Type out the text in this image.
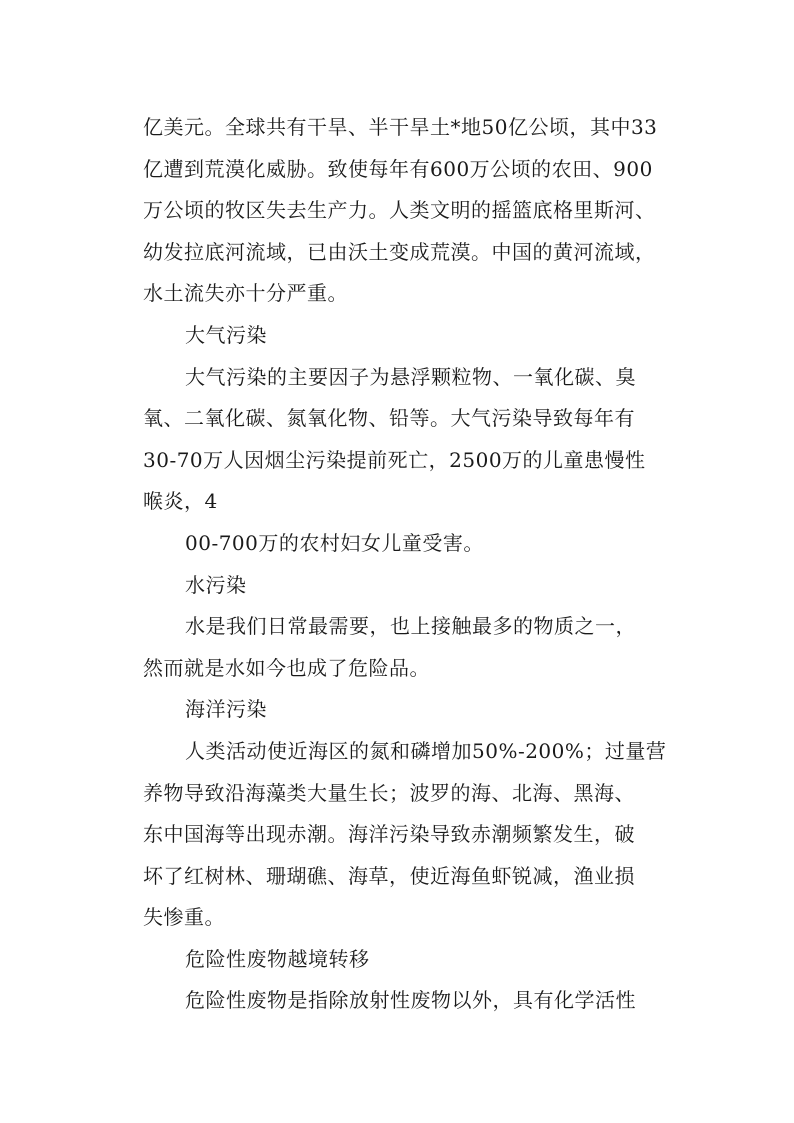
亿美元。全球共有干旱、半干旱土*地50亿公顷，其中33
亿遭到荒漠化威胁。致使每年有600万公顷的农田、900
万公顷的牧区失去生产力。人类文明的摇篮底格里斯河、
幼发拉底河流域，已由沃土变成荒漠。中国的黄河流域，
水土流失亦十分严重。
大气污染
大气污染的主要因子为悬浮颗粒物、一氧化碳、臭
氧、二氧化碳、氮氧化物、铅等。大气污染导致每年有
30-70万人因烟尘污染提前死亡，2500万的儿童患慢性
喉炎，4
00-700万的农村妇女儿童受害。
水污染
水是我们日常最需要，也上接触最多的物质之一，
然而就是水如今也成了危险品。
海洋污染
人类活动使近海区的氮和磷增加50%-200%；过量营
养物导致沿海藻类大量生长；波罗的海、北海、黑海、
东中国海等出现赤潮。海洋污染导致赤潮频繁发生，破
坏了红树林、珊瑚礁、海草，使近海鱼虾锐减，渔业损
失惨重。
危险性废物越境转移
危险性废物是指除放射性废物以外，具有化学活性
